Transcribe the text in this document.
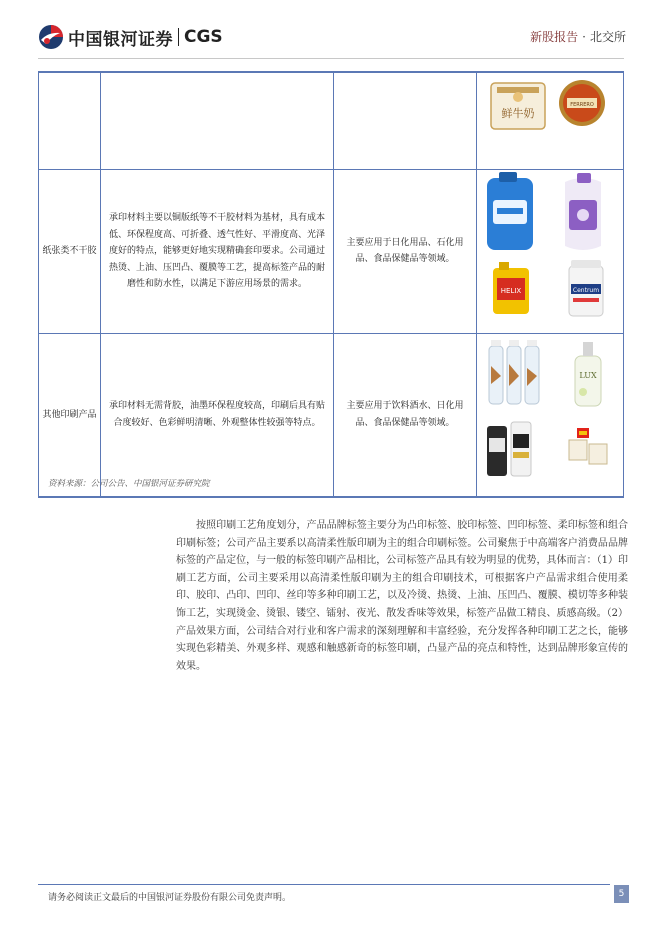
中国银河证券 CGS	新股报告 · 北交所

鲜牛奶
FERRERO

纸张类不干胶	承印材料主要以铜版纸等不干胶材料为基材，具有成本低、环保程度高、可折叠、透气性好、平滑度高、光泽度好的特点，能够更好地实现精确套印要求。公司通过热烫、上油、压凹凸、覆膜等工艺，提高标签产品的耐磨性和防水性，以满足下游应用场景的需求。	主要应用于日化用品、石化用品、食品保健品等领域。	HELIX Centrum

其他印刷产品	承印材料无需背胶，油墨环保程度较高，印刷后具有贴合度较好、色彩鲜明清晰、外观整体性较强等特点。	主要应用于饮料酒水、日化用品、食品保健品等领域。	LUX
资料来源：公司公告、中国银河证券研究院

按照印刷工艺角度划分，产品品牌标签主要分为凸印标签、胶印标签、凹印标签、柔印标签和组合印刷标签；公司产品主要系以高清柔性版印刷为主的组合印刷标签。公司聚焦于中高端客户消费品品牌标签的产品定位，与一般的标签印刷产品相比，公司标签产品具有较为明显的优势，具体而言：（1）印刷工艺方面，公司主要采用以高清柔性版印刷为主的组合印刷技术，可根据客户产品需求组合使用柔印、胶印、凸印、凹印、丝印等多种印刷工艺，以及冷烫、热烫、上油、压凹凸、覆膜、模切等多种装饰工艺，实现烫金、烫银、镂空、镭射、夜光、散发香味等效果，标签产品做工精良、质感高级。（2）产品效果方面，公司结合对行业和客户需求的深刻理解和丰富经验，充分发挥各种印刷工艺之长，能够实现色彩精美、外观多样、观感和触感新奇的标签印刷，凸显产品的亮点和特性，达到品牌形象宣传的效果。

请务必阅读正文最后的中国银河证券股份有限公司免责声明。	5
